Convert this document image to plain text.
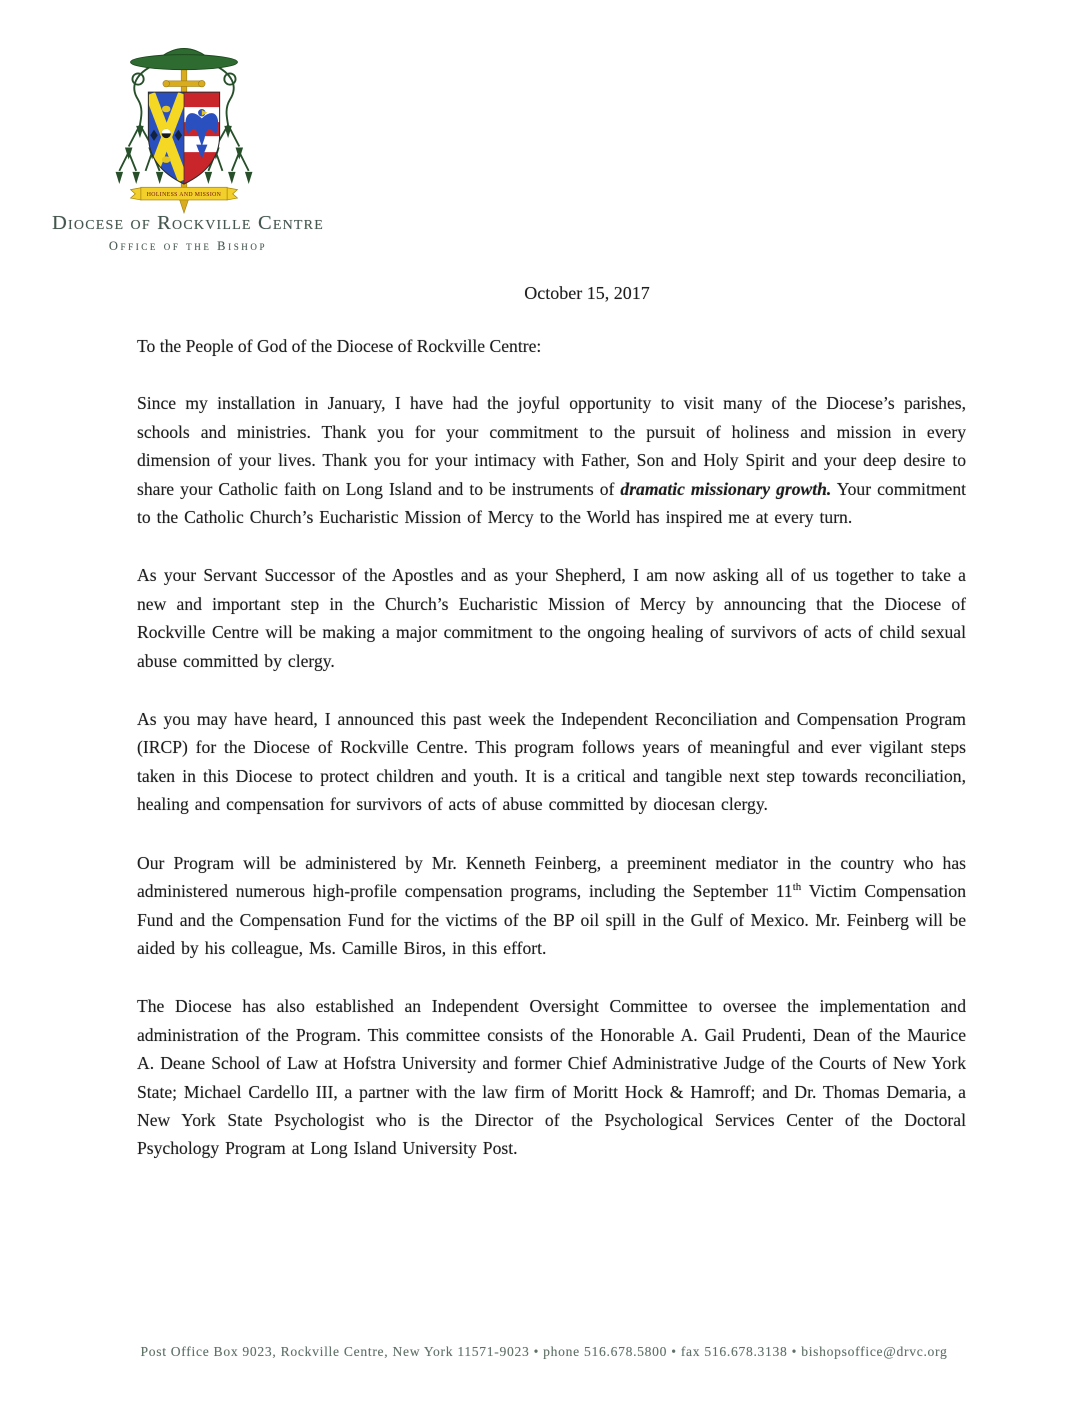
HOLINESS AND MISSION
Diocese of Rockville Centre
Office of the Bishop
October 15, 2017

To the People of God of the Diocese of Rockville Centre:

Since my installation in January, I have had the joyful opportunity to visit many of the Diocese’s parishes, schools and ministries. Thank you for your commitment to the pursuit of holiness and mission in every dimension of your lives. Thank you for your intimacy with Father, Son and Holy Spirit and your deep desire to share your Catholic faith on Long Island and to be instruments of dramatic missionary growth. Your commitment to the Catholic Church’s Eucharistic Mission of Mercy to the World has inspired me at every turn.

As your Servant Successor of the Apostles and as your Shepherd, I am now asking all of us together to take a new and important step in the Church’s Eucharistic Mission of Mercy by announcing that the Diocese of Rockville Centre will be making a major commitment to the ongoing healing of survivors of acts of child sexual abuse committed by clergy.

As you may have heard, I announced this past week the Independent Reconciliation and Compensation Program (IRCP) for the Diocese of Rockville Centre. This program follows years of meaningful and ever vigilant steps taken in this Diocese to protect children and youth. It is a critical and tangible next step towards reconciliation, healing and compensation for survivors of acts of abuse committed by diocesan clergy.

Our Program will be administered by Mr. Kenneth Feinberg, a preeminent mediator in the country who has administered numerous high-profile compensation programs, including the September 11th Victim Compensation Fund and the Compensation Fund for the victims of the BP oil spill in the Gulf of Mexico. Mr. Feinberg will be aided by his colleague, Ms. Camille Biros, in this effort.

The Diocese has also established an Independent Oversight Committee to oversee the implementation and administration of the Program. This committee consists of the Honorable A. Gail Prudenti, Dean of the Maurice A. Deane School of Law at Hofstra University and former Chief Administrative Judge of the Courts of New York State; Michael Cardello III, a partner with the law firm of Moritt Hock & Hamroff; and Dr. Thomas Demaria, a New York State Psychologist who is the Director of the Psychological Services Center of the Doctoral Psychology Program at Long Island University Post.

Post Office Box 9023, Rockville Centre, New York 11571-9023 • phone 516.678.5800 • fax 516.678.3138 • bishopsoffice@drvc.org
